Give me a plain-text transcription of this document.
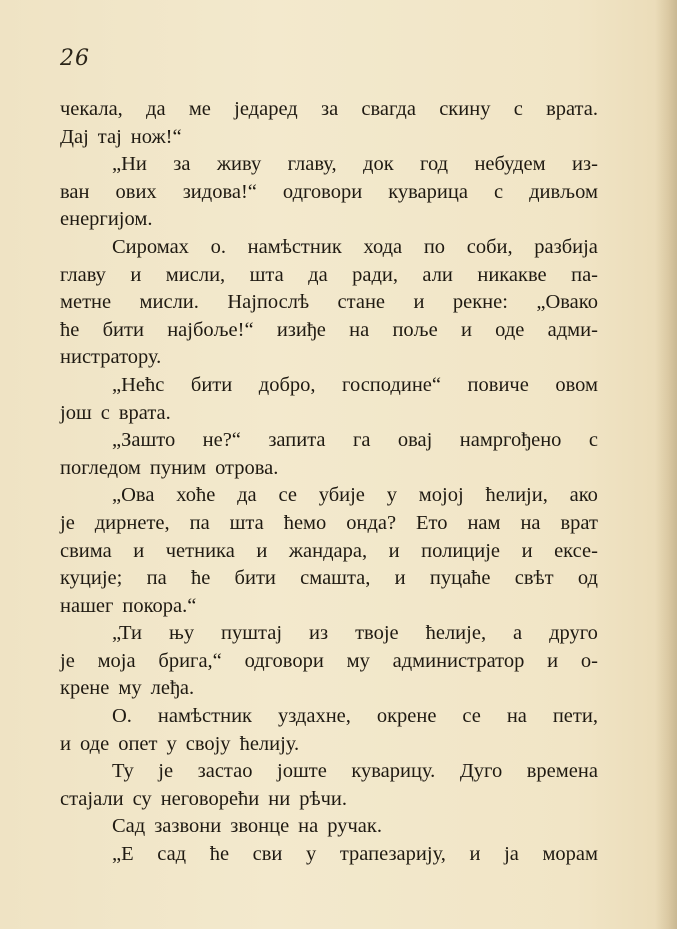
26
чекала, да ме једаред за свагда скину с врата.
Дај тај нож!“
„Ни за живу главу, док год небудем из-
ван ових зидова!“ одговори куварица с дивљом
енергијом.
Сиромах о. намѣстник хода по соби, разбија
главу и мисли, шта да ради, али никакве па-
метне мисли. Најпослѣ стане и рекне: „Овако
ће бити најбоље!“ изиђе на поље и оде адми-
нистратору.
„Нећс бити добро, господине“ повиче овом
још с врата.
„Зашто не?“ запита га овај намргођено с
погледом пуним отрова.
„Ова хоће да се убије у мојој ћелији, ако
је дирнете, па шта ћемо онда? Ето нам на врат
свима и четника и жандара, и полиције и ексе-
куције; па ће бити смашта, и пуцаће свѣт од
нашег покора.“
„Ти њу пуштај из твоје ћелије, а друго
је моја брига,“ одговори му администратор и о-
крене му леђа.
О. намѣстник уздахне, окрене се на пети,
и оде опет у своју ћелију.
Ту је застао јоште куварицу. Дуго времена
стајали су неговорећи ни рѣчи.
Сад зазвони звонце на ручак.
„Е сад ће сви у трапезарију, и ја морам
